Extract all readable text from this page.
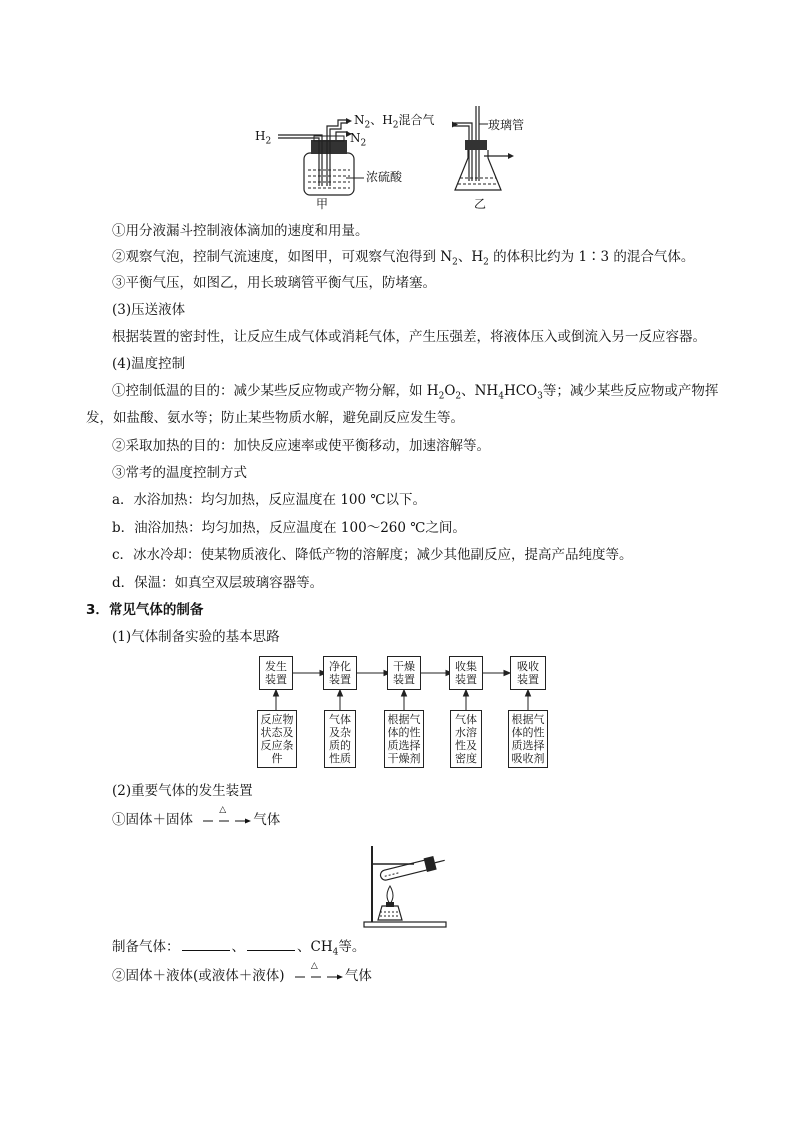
$H_2$
$N_2$、$H_2$混合气
$N_2$
浓硫酸
甲
玻璃管
乙
①用分液漏斗控制液体滴加的速度和用量。
②观察气泡，控制气流速度，如图甲，可观察气泡得到 $N_2$、$H_2$ 的体积比约为 1∶3 的混合气体。
③平衡气压，如图乙，用长玻璃管平衡气压，防堵塞。
(3)压送液体
根据装置的密封性，让反应生成气体或消耗气体，产生压强差，将液体压入或倒流入另一反应容器。
(4)温度控制
①控制低温的目的：减少某些反应物或产物分解，如 $H_2O_2$、$NH_4HCO_3$等；减少某些反应物或产物挥
发，如盐酸、氨水等；防止某些物质水解，避免副反应发生等。
②采取加热的目的：加快反应速率或使平衡移动，加速溶解等。
③常考的温度控制方式
a．水浴加热：均匀加热，反应温度在 100 ℃以下。
b．油浴加热：均匀加热，反应温度在 100～260 ℃之间。
c．冰水冷却：使某物质液化、降低产物的溶解度；减少其他副反应，提高产品纯度等。
d．保温：如真空双层玻璃容器等。
3．常见气体的制备
(1)气体制备实验的基本思路
发生
装置
净化
装置
干燥
装置
收集
装置
吸收
装置
反应物
状态及
反应条
件
气体
及杂
质的
性质
根据气
体的性
质选择
干燥剂
气体
水溶
性及
密度
根据气
体的性
质选择
吸收剂
(2)重要气体的发生装置
①固体＋固体
△
气体
制备气体：	、	、$CH_4$等。
②固体＋液体(或液体＋液体)
△
气体
